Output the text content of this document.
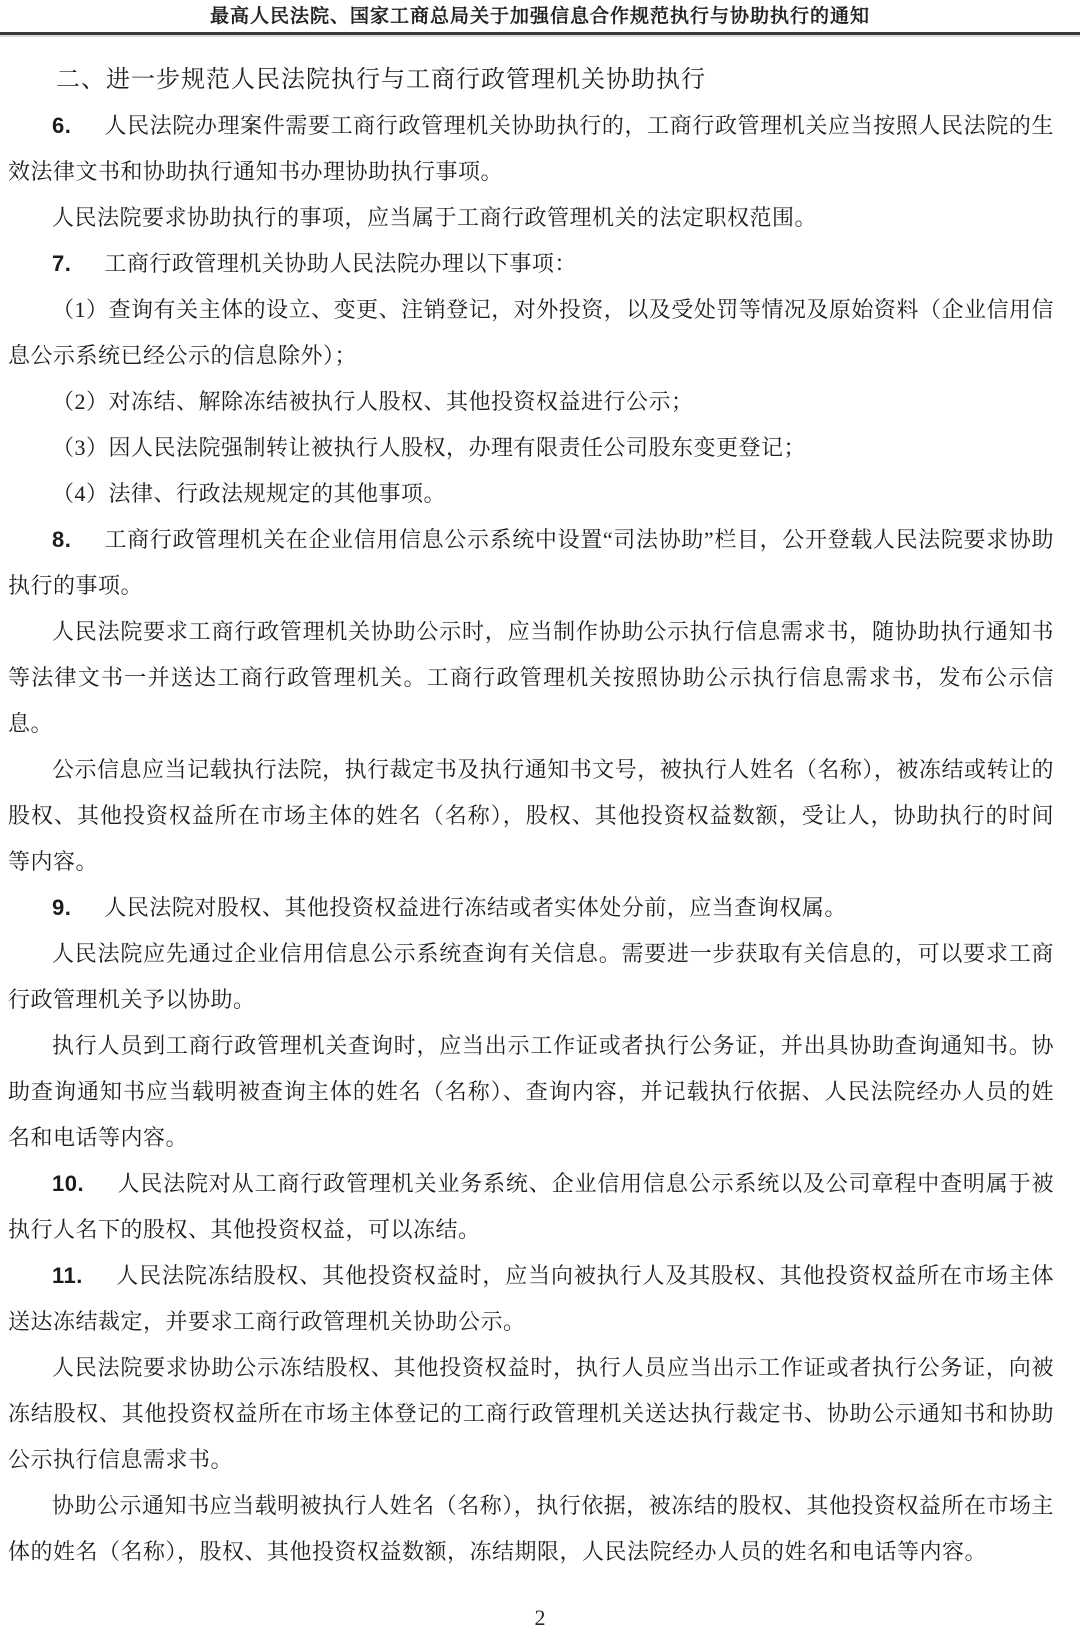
最高人民法院、国家工商总局关于加强信息合作规范执行与协助执行的通知
二、进一步规范人民法院执行与工商行政管理机关协助执行

6. 人民法院办理案件需要工商行政管理机关协助执行的，工商行政管理机关应当按照人民法院的生效法律文书和协助执行通知书办理协助执行事项。

人民法院要求协助执行的事项，应当属于工商行政管理机关的法定职权范围。

7. 工商行政管理机关协助人民法院办理以下事项：

（1）查询有关主体的设立、变更、注销登记，对外投资，以及受处罚等情况及原始资料（企业信用信息公示系统已经公示的信息除外）；

（2）对冻结、解除冻结被执行人股权、其他投资权益进行公示；

（3）因人民法院强制转让被执行人股权，办理有限责任公司股东变更登记；

（4）法律、行政法规规定的其他事项。

8. 工商行政管理机关在企业信用信息公示系统中设置“司法协助”栏目，公开登载人民法院要求协助执行的事项。

人民法院要求工商行政管理机关协助公示时，应当制作协助公示执行信息需求书，随协助执行通知书等法律文书一并送达工商行政管理机关。工商行政管理机关按照协助公示执行信息需求书，发布公示信息。

公示信息应当记载执行法院，执行裁定书及执行通知书文号，被执行人姓名（名称），被冻结或转让的股权、其他投资权益所在市场主体的姓名（名称），股权、其他投资权益数额，受让人，协助执行的时间等内容。

9. 人民法院对股权、其他投资权益进行冻结或者实体处分前，应当查询权属。

人民法院应先通过企业信用信息公示系统查询有关信息。需要进一步获取有关信息的，可以要求工商行政管理机关予以协助。

执行人员到工商行政管理机关查询时，应当出示工作证或者执行公务证，并出具协助查询通知书。协助查询通知书应当载明被查询主体的姓名（名称）、查询内容，并记载执行依据、人民法院经办人员的姓名和电话等内容。

10. 人民法院对从工商行政管理机关业务系统、企业信用信息公示系统以及公司章程中查明属于被执行人名下的股权、其他投资权益，可以冻结。

11. 人民法院冻结股权、其他投资权益时，应当向被执行人及其股权、其他投资权益所在市场主体送达冻结裁定，并要求工商行政管理机关协助公示。

人民法院要求协助公示冻结股权、其他投资权益时，执行人员应当出示工作证或者执行公务证，向被冻结股权、其他投资权益所在市场主体登记的工商行政管理机关送达执行裁定书、协助公示通知书和协助公示执行信息需求书。

协助公示通知书应当载明被执行人姓名（名称），执行依据，被冻结的股权、其他投资权益所在市场主体的姓名（名称），股权、其他投资权益数额，冻结期限，人民法院经办人员的姓名和电话等内容。

2
